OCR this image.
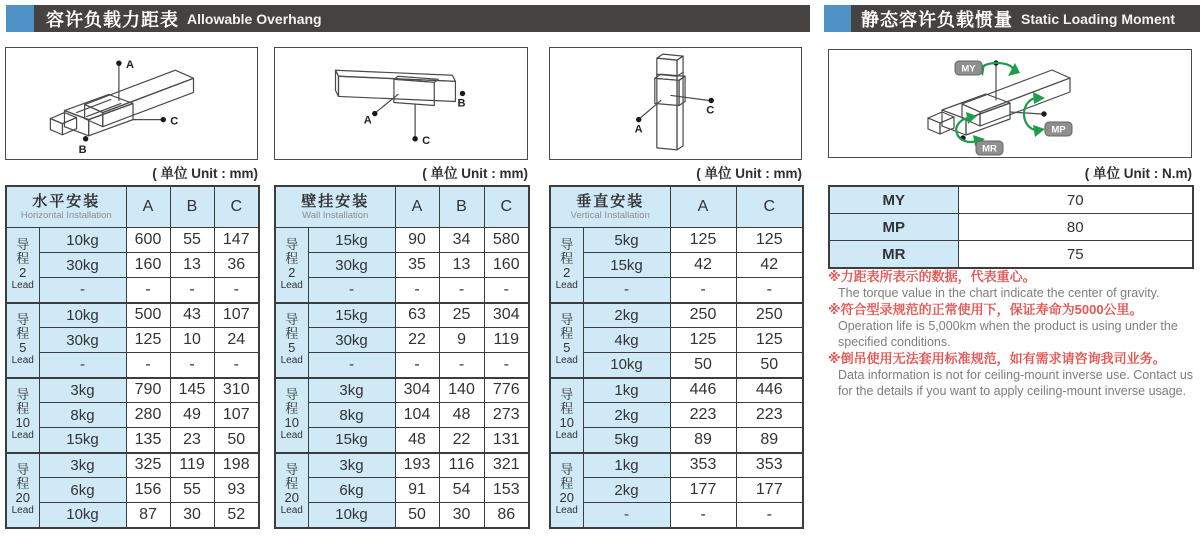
容许负载力距表 Allowable Overhang	静态容许负载惯量 Static Loading Moment
A
C
B
A
C
B
A
C
MY
MP
MR
( 单位 Unit : mm)	( 单位 Unit : mm)	( 单位 Unit : mm)	( 单位 Unit : N.m)
水平安装
Horizontal Installation		A	B	C

导
程
2
Lead	10kg	600	55	147
	30kg	160	13	36
	-	-	-	-

导
程
5
Lead	10kg	500	43	107
	30kg	125	10	24
	-	-	-	-

导
程
10
Lead	3kg	790	145	310
	8kg	280	49	107
	15kg	135	23	50

导
程
20
Lead	3kg	325	119	198
	6kg	156	55	93
	10kg	87	30	52
壁挂安装
Wall Installation		A	B	C

导
程
2
Lead	15kg	90	34	580
	30kg	35	13	160
	-	-	-	-

导
程
5
Lead	15kg	63	25	304
	30kg	22	9	119
	-	-	-	-

导
程
10
Lead	3kg	304	140	776
	8kg	104	48	273
	15kg	48	22	131

导
程
20
Lead	3kg	193	116	321
	6kg	91	54	153
	10kg	50	30	86
垂直安装
Vertical Installation		A	C

导
程
2
Lead	5kg	125	125
	15kg	42	42
	-	-	-

导
程
5
Lead	2kg	250	250
	4kg	125	125
	10kg	50	50

导
程
10
Lead	1kg	446	446
	2kg	223	223
	5kg	89	89

导
程
20
Lead	1kg	353	353
	2kg	177	177
	-	-	-
MY	70
MP	80
MR	75
※力距表所表示的数据，代表重心。
The torque value in the chart indicate the center of gravity.
※符合型录规范的正常使用下，保证寿命为5000公里。
Operation life is 5,000km when the product is using under the specified conditions.
※倒吊使用无法套用标准规范，如有需求请咨询我司业务。
Data information is not for ceiling-mount inverse use. Contact us for the details if you want to apply ceiling-mount inverse usage.
